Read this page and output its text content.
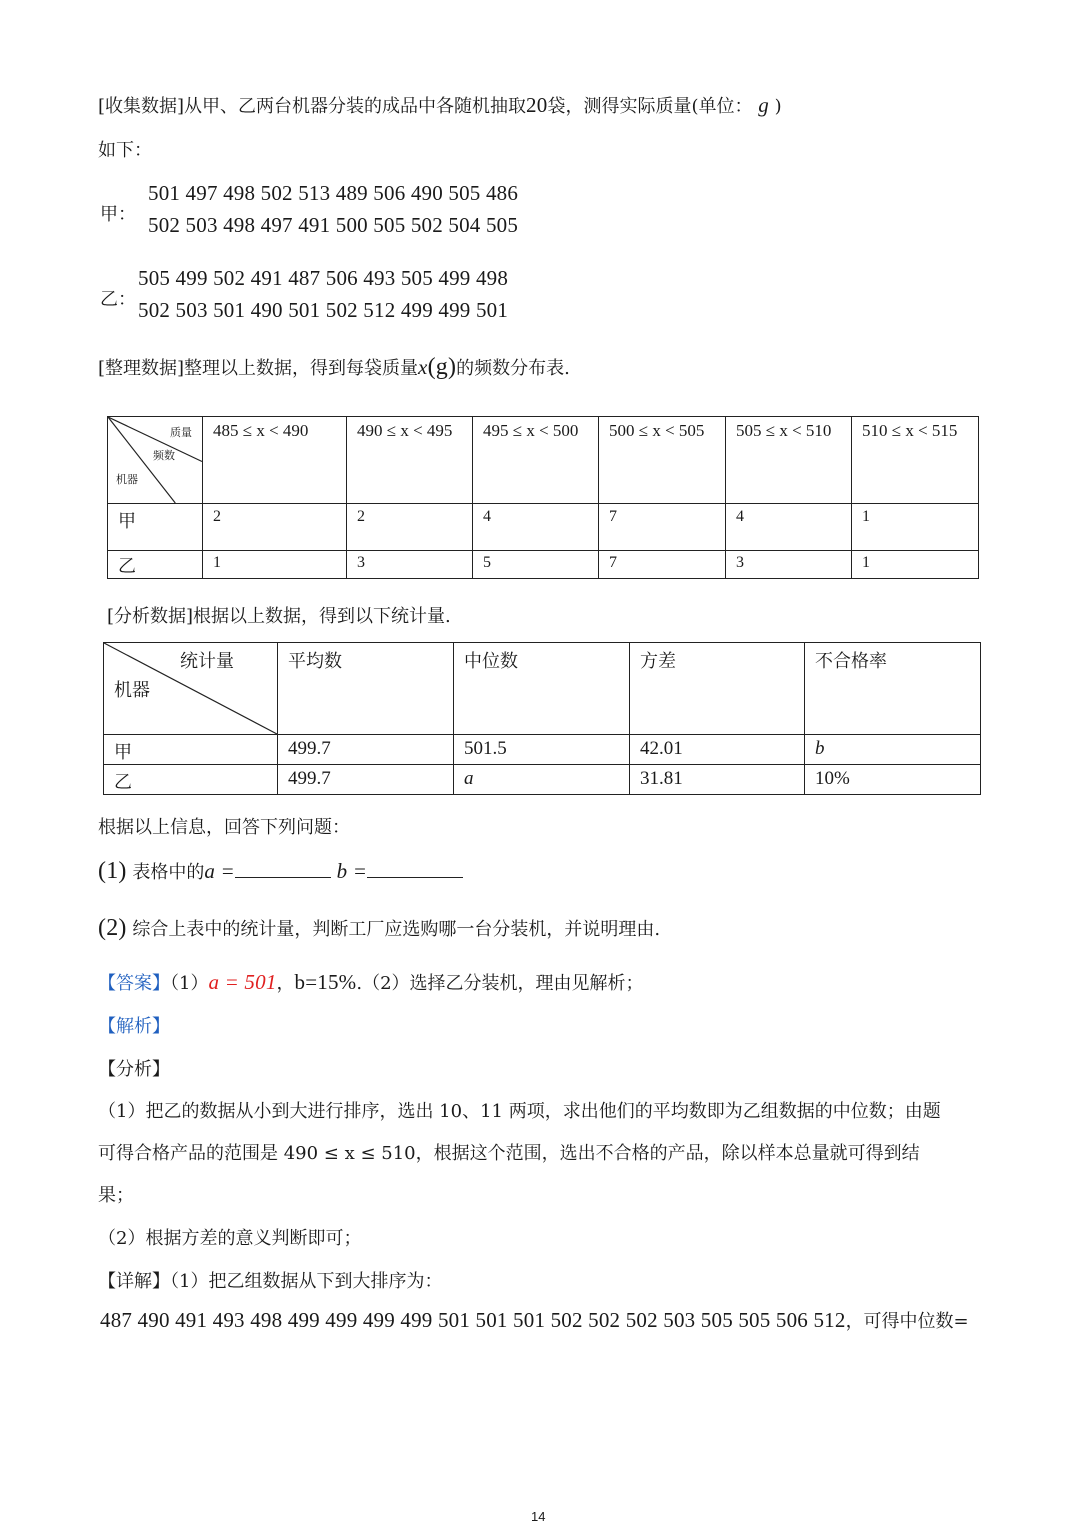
[收集数据]从甲、乙两台机器分装的成品中各随机抽取20袋，测得实际质量(单位： g )
如下：
甲：
501 497 498 502 513 489 506 490 505 486
502 503 498 497 491 500 505 502 504 505
乙：
505 499 502 491 487 506 493 505 499 498
502 503 501 490 501 502 512 499 499 501
[整理数据]整理以上数据，得到每袋质量x(g)的频数分布表.
质量
频数
机器	485 ≤ x < 490	490 ≤ x < 495	495 ≤ x < 500	500 ≤ x < 505	505 ≤ x < 510	510 ≤ x < 515

甲	2	2	4	7	4	1

乙	1	3	5	7	3	1
[分析数据]根据以上数据，得到以下统计量.
统计量
机器	平均数	中位数	方差	不合格率

甲	499.7	501.5	42.01	b

乙	499.7	a	31.81	10%
根据以上信息，回答下列问题：
(1) 表格中的a =	b =
(2) 综合上表中的统计量，判断工厂应选购哪一台分装机，并说明理由.
【答案】（1）a = 501，b=15%.（2）选择乙分装机，理由见解析；
【解析】
【分析】
（1）把乙的数据从小到大进行排序，选出 10、11 两项，求出他们的平均数即为乙组数据的中位数；由题
可得合格产品的范围是 490 ≤ x ≤ 510，根据这个范围，选出不合格的产品，除以样本总量就可得到结
果；
（2）根据方差的意义判断即可；
【详解】（1）把乙组数据从下到大排序为：
487 490 491 493 498 499 499 499 499 501 501 501 502 502 502 503 505 505 506 512，可得中位数=
14
